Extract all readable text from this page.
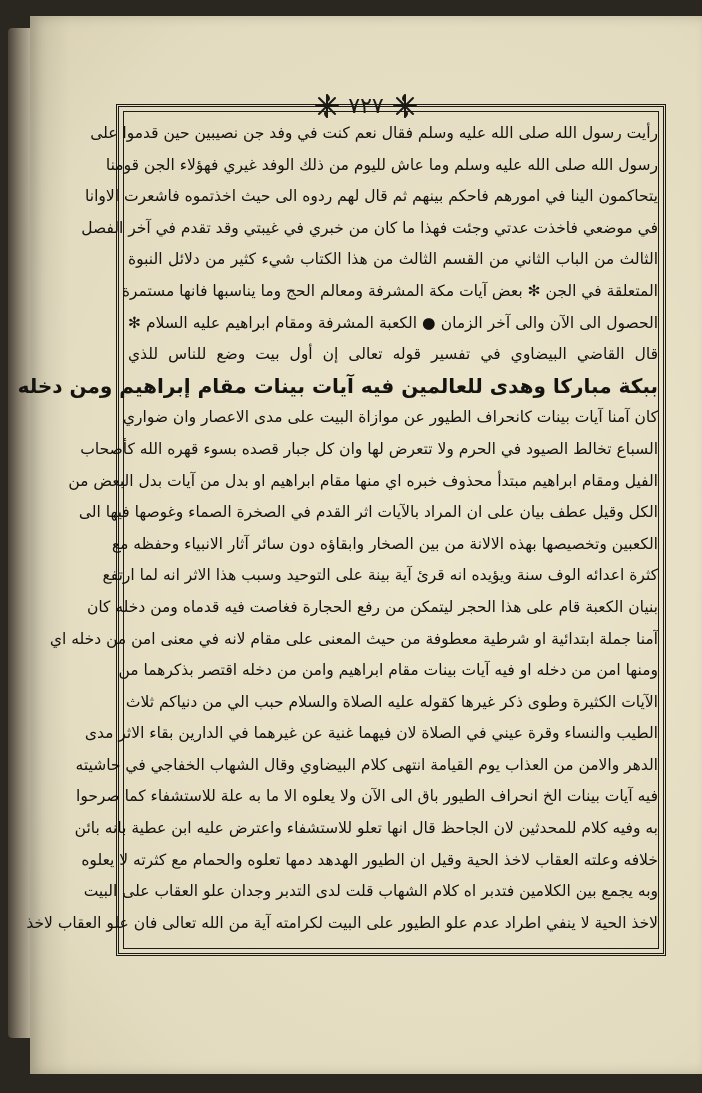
٧٢٧
رأيت رسول الله صلى الله عليه وسلم فقال نعم كنت في وفد جن نصيبين حين قدموا على
رسول الله صلى الله عليه وسلم وما عاش لليوم من ذلك الوفد غيري فهؤلاء الجن قومنا
يتحاكمون الينا في امورهم فاحكم بينهم ثم قال لهم ردوه الى حيث اخذتموه فاشعرت الاوانا
في موضعي فاخذت عدتي وجئت فهذا ما كان من خبري في غيبتي وقد تقدم في آخر الفصل
الثالث من الباب الثاني من القسم الثالث من هذا الكتاب شيء كثير من دلائل النبوة
المتعلقة في الجن ✻ بعض آيات مكة المشرفة ومعالم الحج وما يناسبها فانها مستمرة
الحصول الى الآن والى آخر الزمان ● الكعبة المشرفة ومقام ابراهيم عليه السلام ✻
قال القاضي البيضاوي في تفسير قوله تعالى إن أول بيت وضع للناس للذي
ببكة مباركا وهدى للعالمين فيه آيات بينات مقام إبراهيم ومن دخله
كان آمنا آيات بينات كانحراف الطيور عن موازاة البيت على مدى الاعصار وان ضواري
السباع تخالط الصيود في الحرم ولا تتعرض لها وان كل جبار قصده بسوء قهره الله كأصحاب
الفيل ومقام ابراهيم مبتدأ محذوف خبره اي منها مقام ابراهيم او بدل من آيات بدل البعض من
الكل وقيل عطف بيان على ان المراد بالآيات اثر القدم في الصخرة الصماء وغوصها فيها الى
الكعبين وتخصيصها بهذه الالانة من بين الصخار وابقاؤه دون سائر آثار الانبياء وحفظه مع
كثرة اعدائه الوف سنة ويؤيده انه قرئ آية بينة على التوحيد وسبب هذا الاثر انه لما ارتفع
بنيان الكعبة قام على هذا الحجر ليتمكن من رفع الحجارة فغاصت فيه قدماه ومن دخله كان
آمنا جملة ابتدائية او شرطية معطوفة من حيث المعنى على مقام لانه في معنى امن من دخله اي
ومنها امن من دخله او فيه آيات بينات مقام ابراهيم وامن من دخله اقتصر بذكرهما من
الآيات الكثيرة وطوى ذكر غيرها كقوله عليه الصلاة والسلام حبب الي من دنياكم ثلاث
الطيب والنساء وقرة عيني في الصلاة لان فيهما غنية عن غيرهما في الدارين بقاء الاثر مدى
الدهر والامن من العذاب يوم القيامة انتهى كلام البيضاوي وقال الشهاب الخفاجي في حاشيته
فيه آيات بينات الخ انحراف الطيور باق الى الآن ولا يعلوه الا ما به علة للاستشفاء كما صرحوا
به وفيه كلام للمحدثين لان الجاحظ قال انها تعلو للاستشفاء واعترض عليه ابن عطية بانه بائن
خلافه وعلته العقاب لاخذ الحية وقيل ان الطيور الهدهد دمها تعلوه والحمام مع كثرته لا يعلوه
وبه يجمع بين الكلامين فتدبر اه كلام الشهاب قلت لدى التدبر وجدان علو العقاب على البيت
لاخذ الحية لا ينفي اطراد عدم علو الطيور على البيت لكرامته آية من الله تعالى فان علو العقاب لاخذ
